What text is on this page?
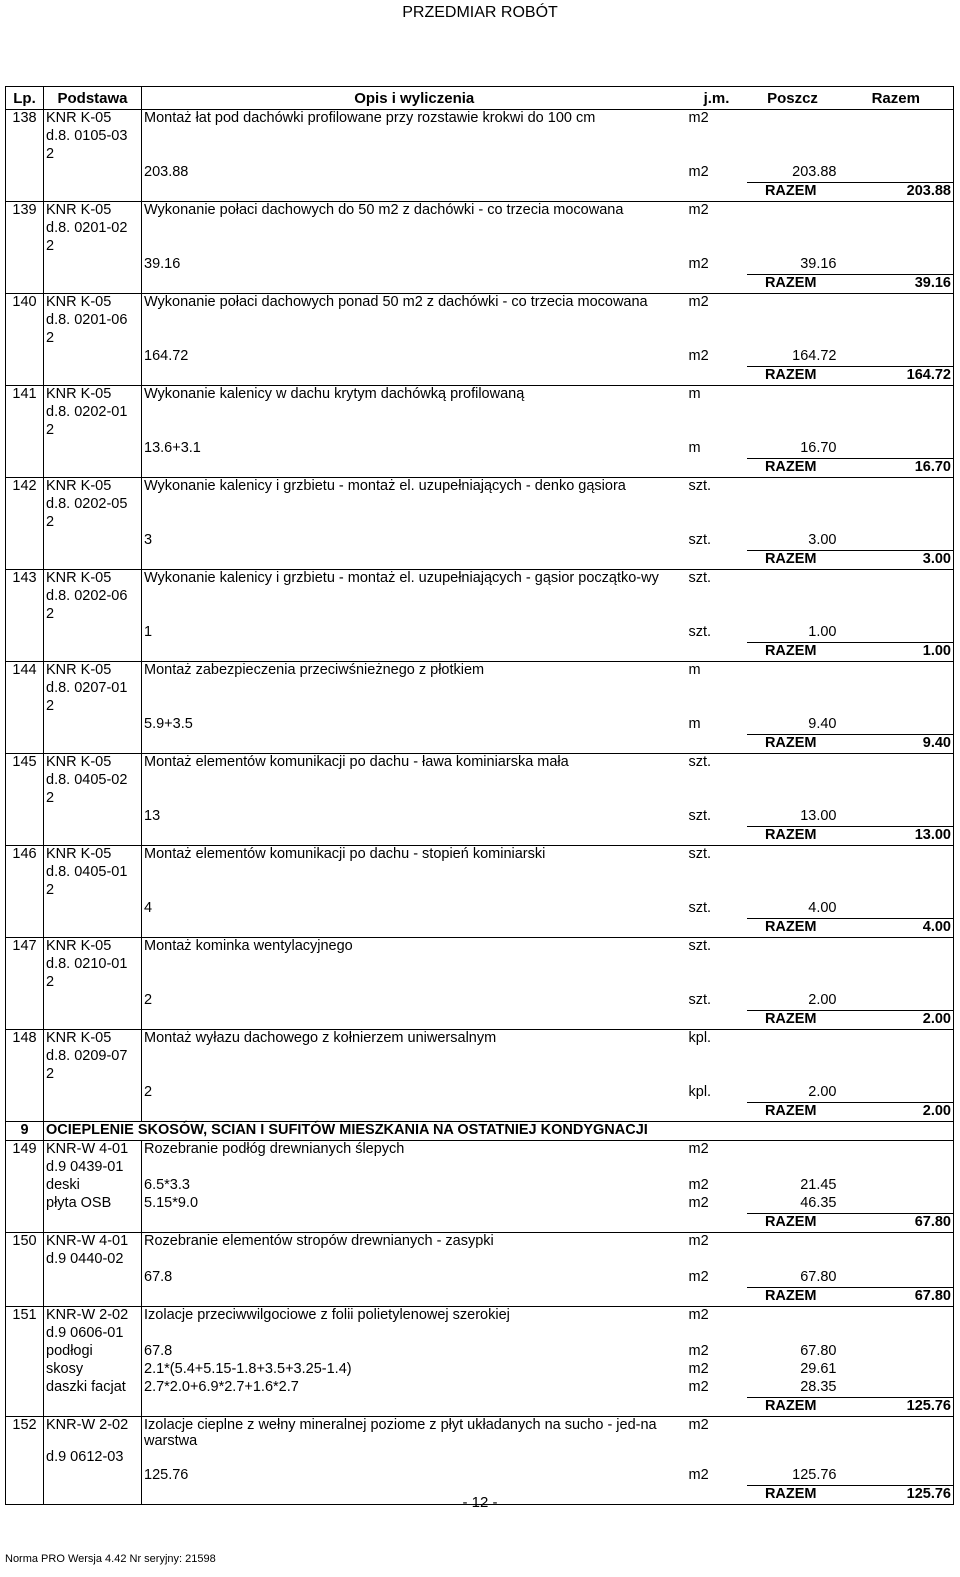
PRZEDMIAR ROBÓT
Lp.	Podstawa	Opis i wyliczenia	j.m.	Poszcz	Razem
138	KNR K-05	Montaż łat pod dachówki profilowane przy rozstawie krokwi do 100 cm	m2		
	d.8. 0105-03				
	2				
		203.88	m2	203.88	
				RAZEM	203.88
139	KNR K-05	Wykonanie połaci dachowych do 50 m2 z dachówki - co trzecia mocowana	m2		
	d.8. 0201-02				
	2				
		39.16	m2	39.16	
				RAZEM	39.16
140	KNR K-05	Wykonanie połaci dachowych ponad 50 m2 z dachówki - co trzecia mocowana	m2		
	d.8. 0201-06				
	2				
		164.72	m2	164.72	
				RAZEM	164.72
141	KNR K-05	Wykonanie kalenicy w dachu krytym dachówką profilowaną	m		
	d.8. 0202-01				
	2				
		13.6+3.1	m	16.70	
				RAZEM	16.70
142	KNR K-05	Wykonanie kalenicy i grzbietu - montaż el. uzupełniających - denko gąsiora	szt.		
	d.8. 0202-05				
	2				
		3	szt.	3.00	
				RAZEM	3.00
143	KNR K-05	Wykonanie kalenicy i grzbietu - montaż el. uzupełniających - gąsior początko-wy	szt.		
	d.8. 0202-06				
	2				
		1	szt.	1.00	
				RAZEM	1.00
144	KNR K-05	Montaż zabezpieczenia przeciwśnieżnego z płotkiem	m		
	d.8. 0207-01				
	2				
		5.9+3.5	m	9.40	
				RAZEM	9.40
145	KNR K-05	Montaż elementów komunikacji po dachu - ława kominiarska mała	szt.		
	d.8. 0405-02				
	2				
		13	szt.	13.00	
				RAZEM	13.00
146	KNR K-05	Montaż elementów komunikacji po dachu - stopień kominiarski	szt.		
	d.8. 0405-01				
	2				
		4	szt.	4.00	
				RAZEM	4.00
147	KNR K-05	Montaż kominka wentylacyjnego	szt.		
	d.8. 0210-01				
	2				
		2	szt.	2.00	
				RAZEM	2.00
148	KNR K-05	Montaż wyłazu dachowego z kołnierzem uniwersalnym	kpl.		
	d.8. 0209-07				
	2				
		2	kpl.	2.00	
				RAZEM	2.00
9	OCIEPLENIE SKOSÓW, SCIAN I SUFITÓW MIESZKANIA NA OSTATNIEJ KONDYGNACJI				
149	KNR-W 4-01	Rozebranie podłóg drewnianych ślepych	m2		
	d.9 0439-01				
	deski	6.5*3.3	m2	21.45	
	płyta OSB	5.15*9.0	m2	46.35	
				RAZEM	67.80
150	KNR-W 4-01	Rozebranie elementów stropów drewnianych - zasypki	m2		
	d.9 0440-02				
		67.8	m2	67.80	
				RAZEM	67.80
151	KNR-W 2-02	Izolacje przeciwwilgociowe z folii polietylenowej szerokiej	m2		
	d.9 0606-01				
	podłogi	67.8	m2	67.80	
	skosy	2.1*(5.4+5.15-1.8+3.5+3.25-1.4)	m2	29.61	
	daszki facjat	2.7*2.0+6.9*2.7+1.6*2.7	m2	28.35	
				RAZEM	125.76
152	KNR-W 2-02	Izolacje cieplne z wełny mineralnej poziome z płyt układanych na sucho - jed-na warstwa	m2		
	d.9 0612-03				
		125.76	m2	125.76	
				RAZEM	125.76
- 12 -
Norma PRO Wersja 4.42 Nr seryjny: 21598
